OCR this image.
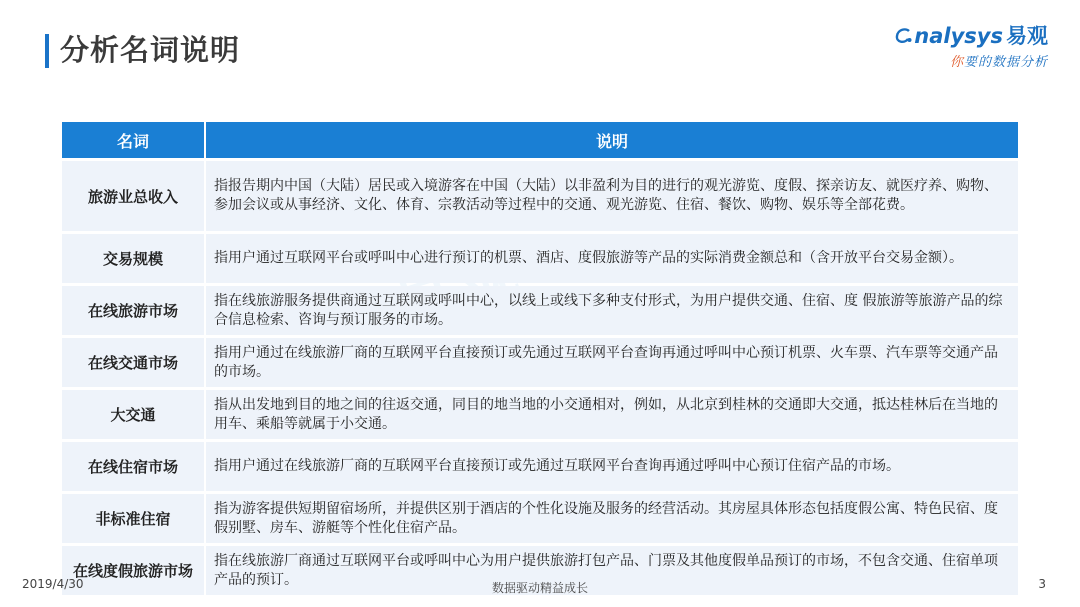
分析名词说明	nalysys 易观
你要的数据分析
名词	说明
旅游业总收入	指报告期内中国（大陆）居民或入境游客在中国（大陆）以非盈利为目的进行的观光游览、度假、探亲访友、就医疗养、购物、参加会议或从事经济、文化、体育、宗教活动等过程中的交通、观光游览、住宿、餐饮、购物、娱乐等全部花费。
交易规模	指用户通过互联网平台或呼叫中心进行预订的机票、酒店、度假旅游等产品的实际消费金额总和（含开放平台交易金额）。
在线旅游市场	指在线旅游服务提供商通过互联网或呼叫中心，以线上或线下多种支付形式，为用户提供交通、住宿、度 假旅游等旅游产品的综合信息检索、咨询与预订服务的市场。
在线交通市场	指用户通过在线旅游厂商的互联网平台直接预订或先通过互联网平台查询再通过呼叫中心预订机票、火车票、汽车票等交通产品的市场。
大交通	指从出发地到目的地之间的往返交通，同目的地当地的小交通相对，例如，从北京到桂林的交通即大交通，抵达桂林后在当地的用车、乘船等就属于小交通。
在线住宿市场	指用户通过在线旅游厂商的互联网平台直接预订或先通过互联网平台查询再通过呼叫中心预订住宿产品的市场。
非标准住宿	指为游客提供短期留宿场所，并提供区别于酒店的个性化设施及服务的经营活动。其房屋具体形态包括度假公寓、特色民宿、度假别墅、房车、游艇等个性化住宿产品。
在线度假旅游市场	指在线旅游厂商通过互联网平台或呼叫中心为用户提供旅游打包产品、门票及其他度假单品预订的市场，不包含交通、住宿单项产品的预订。
2019/4/30	数据驱动精益成长	3
